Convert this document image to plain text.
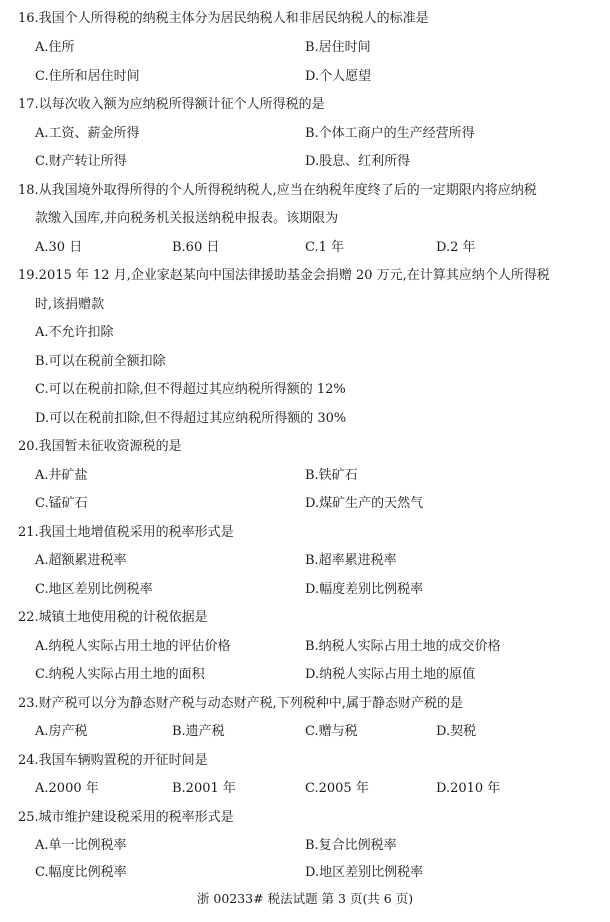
16.我国个人所得税的纳税主体分为居民纳税人和非居民纳税人的标准是
A.住所	B.居住时间
C.住所和居住时间	D.个人愿望
17.以每次收入额为应纳税所得额计征个人所得税的是
A.工资、薪金所得	B.个体工商户的生产经营所得
C.财产转让所得	D.股息、红利所得
18.从我国境外取得所得的个人所得税纳税人,应当在纳税年度终了后的一定期限内将应纳税
款缴入国库,并向税务机关报送纳税申报表。该期限为
A.30 日	B.60 日	C.1 年	D.2 年
19.2015 年 12 月,企业家赵某向中国法律援助基金会捐赠 20 万元,在计算其应纳个人所得税
时,该捐赠款
A.不允许扣除
B.可以在税前全额扣除
C.可以在税前扣除,但不得超过其应纳税所得额的 12%
D.可以在税前扣除,但不得超过其应纳税所得额的 30%
20.我国暂未征收资源税的是
A.井矿盐	B.铁矿石
C.锰矿石	D.煤矿生产的天然气
21.我国土地增值税采用的税率形式是
A.超额累进税率	B.超率累进税率
C.地区差别比例税率	D.幅度差别比例税率
22.城镇土地使用税的计税依据是
A.纳税人实际占用土地的评估价格	B.纳税人实际占用土地的成交价格
C.纳税人实际占用土地的面积	D.纳税人实际占用土地的原值
23.财产税可以分为静态财产税与动态财产税,下列税种中,属于静态财产税的是
A.房产税	B.遗产税	C.赠与税	D.契税
24.我国车辆购置税的开征时间是
A.2000 年	B.2001 年	C.2005 年	D.2010 年
25.城市维护建设税采用的税率形式是
A.单一比例税率	B.复合比例税率
C.幅度比例税率	D.地区差别比例税率
浙 00233# 税法试题 第 3 页(共 6 页)
